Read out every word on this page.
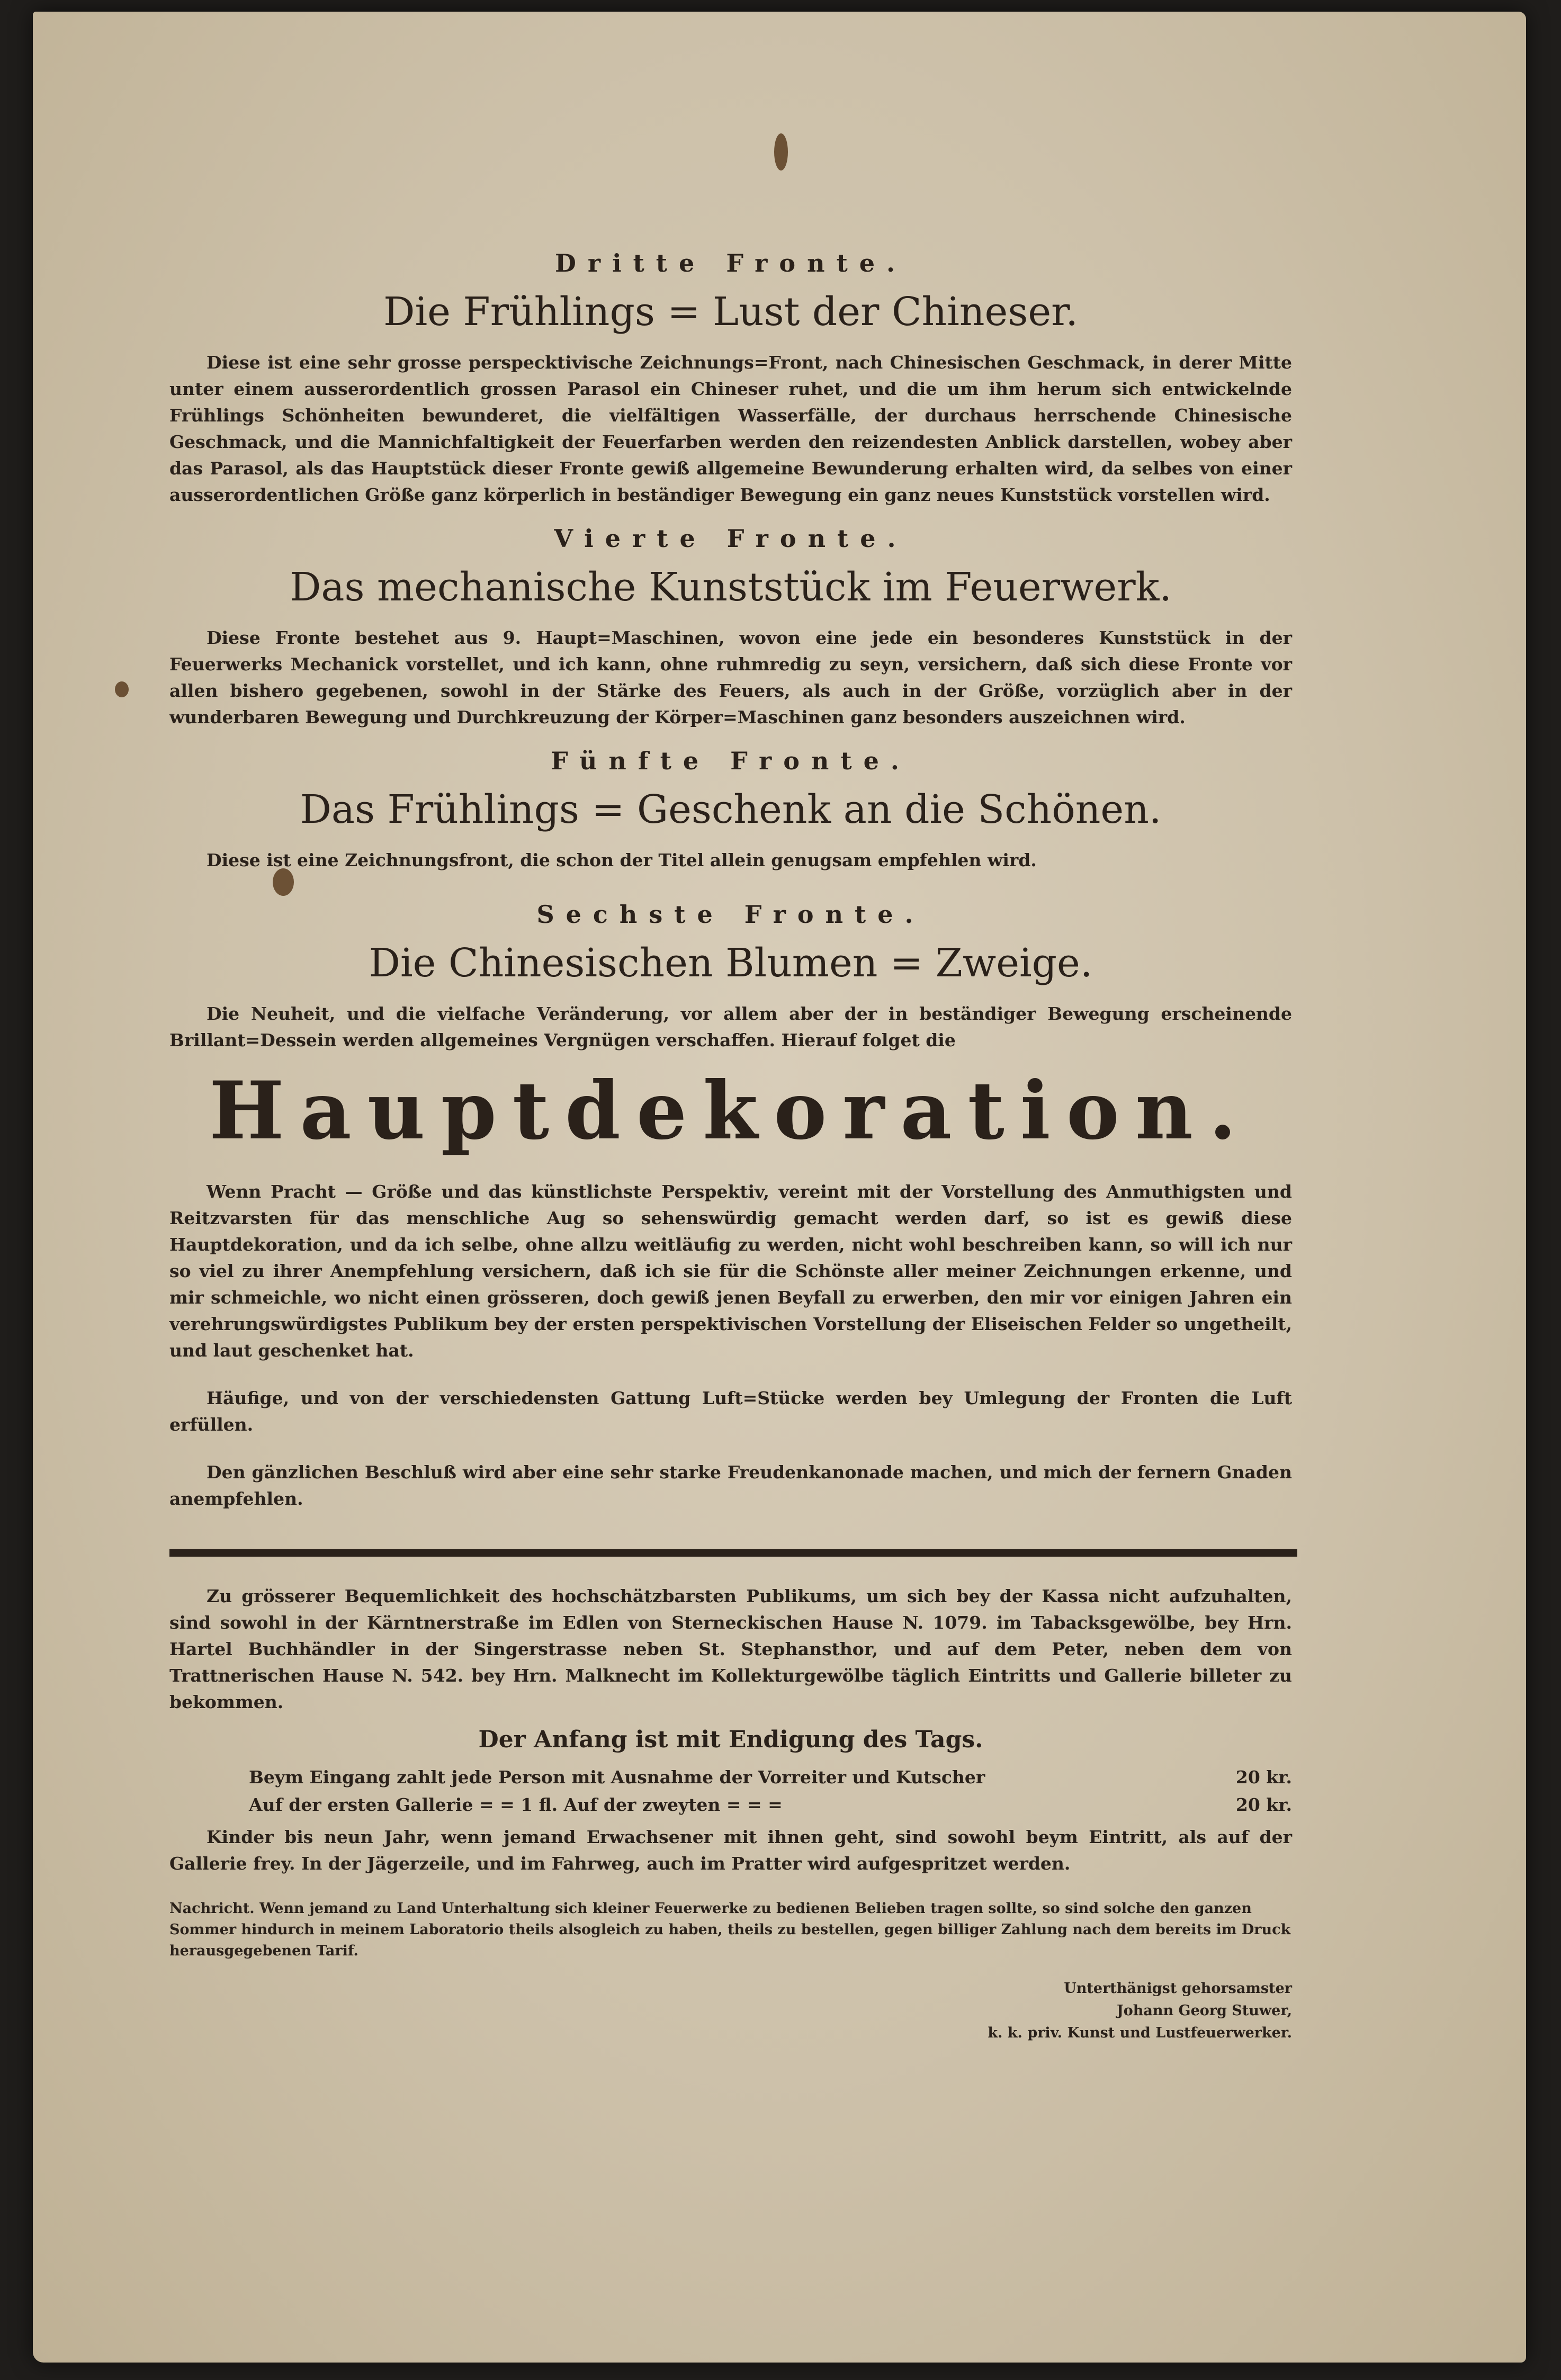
Dritte Fronte.
Die Frühlings = Lust der Chineser.
Diese ist eine sehr grosse perspecktivische Zeichnungs=Front, nach Chinesischen Geschmack, in derer Mitte unter einem ausserordentlich grossen Parasol ein Chineser ruhet, und die um ihm herum sich entwickelnde Frühlings Schönheiten bewunderet, die vielfältigen Wasserfälle, der durchaus herrschende Chinesische Geschmack, und die Mannichfaltigkeit der Feuerfarben werden den reizendesten Anblick darstellen, wobey aber das Parasol, als das Hauptstück dieser Fronte gewiß allgemeine Bewunderung erhalten wird, da selbes von einer ausserordentlichen Größe ganz körperlich in beständiger Bewegung ein ganz neues Kunststück vorstellen wird.
Vierte Fronte.
Das mechanische Kunststück im Feuerwerk.
Diese Fronte bestehet aus 9. Haupt=Maschinen, wovon eine jede ein besonderes Kunststück in der Feuerwerks Mechanick vorstellet, und ich kann, ohne ruhmredig zu seyn, versichern, daß sich diese Fronte vor allen bishero gegebenen, sowohl in der Stärke des Feuers, als auch in der Größe, vorzüglich aber in der wunderbaren Bewegung und Durchkreuzung der Körper=Maschinen ganz besonders auszeichnen wird.
Fünfte Fronte.
Das Frühlings = Geschenk an die Schönen.
Diese ist eine Zeichnungsfront, die schon der Titel allein genugsam empfehlen wird.
Sechste Fronte.
Die Chinesischen Blumen = Zweige.
Die Neuheit, und die vielfache Veränderung, vor allem aber der in beständiger Bewegung erscheinende Brillant=Dessein werden allgemeines Vergnügen verschaffen. Hierauf folget die
Hauptdekoration.
Wenn Pracht — Größe und das künstlichste Perspektiv, vereint mit der Vorstellung des Anmuthigsten und Reitzvarsten für das menschliche Aug so sehenswürdig gemacht werden darf, so ist es gewiß diese Hauptdekoration, und da ich selbe, ohne allzu weitläufig zu werden, nicht wohl beschreiben kann, so will ich nur so viel zu ihrer Anempfehlung versichern, daß ich sie für die Schönste aller meiner Zeichnungen erkenne, und mir schmeichle, wo nicht einen grösseren, doch gewiß jenen Beyfall zu erwerben, den mir vor einigen Jahren ein verehrungswürdigstes Publikum bey der ersten perspektivischen Vorstellung der Eliseischen Felder so ungetheilt, und laut geschenket hat.
Häufige, und von der verschiedensten Gattung Luft=Stücke werden bey Umlegung der Fronten die Luft erfüllen.
Den gänzlichen Beschluß wird aber eine sehr starke Freudenkanonade machen, und mich der fernern Gnaden anempfehlen.
Zu grösserer Bequemlichkeit des hochschätzbarsten Publikums, um sich bey der Kassa nicht aufzuhalten, sind sowohl in der Kärntnerstraße im Edlen von Sterneckischen Hause N. 1079. im Tabacksgewölbe, bey Hrn. Hartel Buchhändler in der Singerstrasse neben St. Stephansthor, und auf dem Peter, neben dem von Trattnerischen Hause N. 542. bey Hrn. Malknecht im Kollekturgewölbe täglich Eintritts und Gallerie billeter zu bekommen.
Der Anfang ist mit Endigung des Tags.
Beym Eingang zahlt jede Person mit Ausnahme der Vorreiter und Kutscher	20 kr.
Auf der ersten Gallerie = = 1 fl. Auf der zweyten = = =	20 kr.
Kinder bis neun Jahr, wenn jemand Erwachsener mit ihnen geht, sind sowohl beym Eintritt, als auf der Gallerie frey. In der Jägerzeile, und im Fahrweg, auch im Pratter wird aufgespritzet werden.
Nachricht. Wenn jemand zu Land Unterhaltung sich kleiner Feuerwerke zu bedienen Belieben tragen sollte, so sind solche den ganzen Sommer hindurch in meinem Laboratorio theils alsogleich zu haben, theils zu bestellen, gegen billiger Zahlung nach dem bereits im Druck herausgegebenen Tarif.
Unterthänigst gehorsamster
Johann Georg Stuwer,
k. k. priv. Kunst und Lustfeuerwerker.
